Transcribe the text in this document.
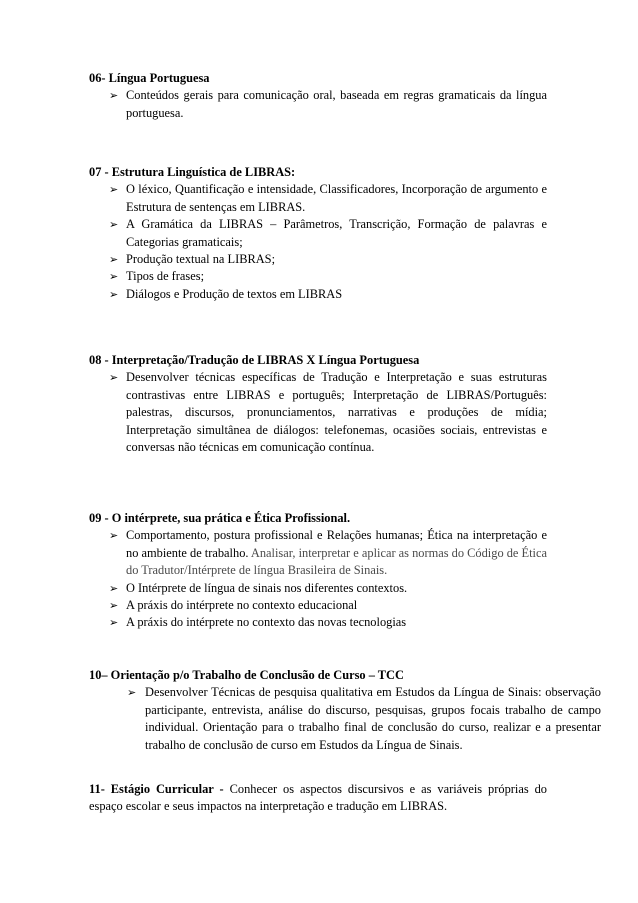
06- Língua Portuguesa

➢ Conteúdos gerais para comunicação oral, baseada em regras gramaticais da língua portuguesa.

07 - Estrutura Linguística de LIBRAS:

➢ O léxico, Quantificação e intensidade, Classificadores, Incorporação de argumento e Estrutura de sentenças em LIBRAS.
➢ A Gramática da LIBRAS – Parâmetros, Transcrição, Formação de palavras e Categorias gramaticais;
➢ Produção textual na LIBRAS;
➢ Tipos de frases;
➢ Diálogos e Produção de textos em LIBRAS

08 - Interpretação/Tradução de LIBRAS X Língua Portuguesa

➢ Desenvolver técnicas específicas de Tradução e Interpretação e suas estruturas contrastivas entre LIBRAS e português; Interpretação de LIBRAS/Português: palestras, discursos, pronunciamentos, narrativas e produções de mídia; Interpretação simultânea de diálogos: telefonemas, ocasiões sociais, entrevistas e conversas não técnicas em comunicação contínua.

09 - O intérprete, sua prática e Ética Profissional.

➢ Comportamento, postura profissional e Relações humanas; Ética na interpretação e no ambiente de trabalho. Analisar, interpretar e aplicar as normas do Código de Ética do Tradutor/Intérprete de língua Brasileira de Sinais.
➢ O Intérprete de língua de sinais nos diferentes contextos.
➢ A práxis do intérprete no contexto educacional
➢ A práxis do intérprete no contexto das novas tecnologias

10– Orientação p/o Trabalho de Conclusão de Curso – TCC

➢ Desenvolver Técnicas de pesquisa qualitativa em Estudos da Língua de Sinais: observação participante, entrevista, análise do discurso, pesquisas, grupos focais trabalho de campo individual. Orientação para o trabalho final de conclusão do curso, realizar e a presentar trabalho de conclusão de curso em Estudos da Língua de Sinais.

11- Estágio Curricular - Conhecer os aspectos discursivos e as variáveis próprias do espaço escolar e seus impactos na interpretação e tradução em LIBRAS.
